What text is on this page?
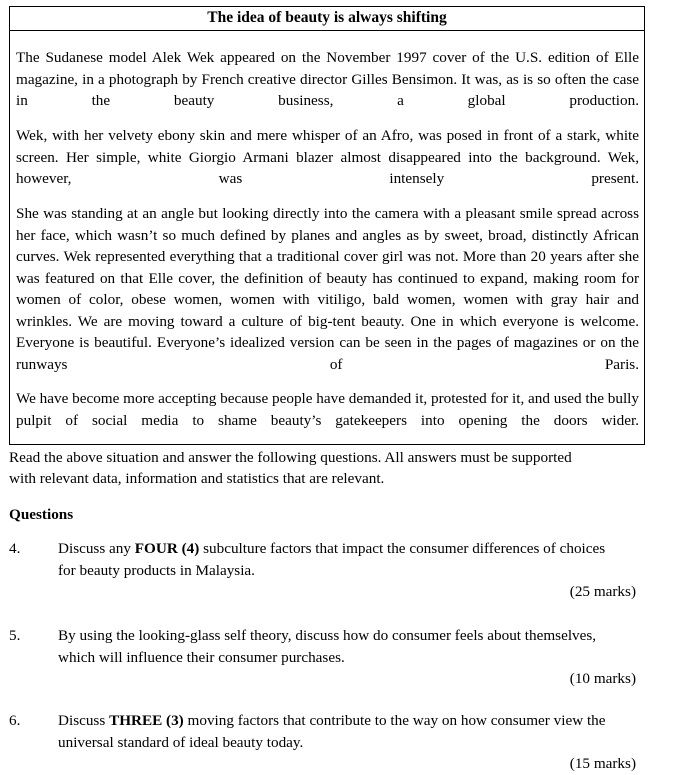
The idea of beauty is always shifting
The Sudanese model Alek Wek appeared on the November 1997 cover of the U.S. edition of Elle magazine, in a photograph by French creative director Gilles Bensimon. It was, as is so often the case in the beauty business, a global production.
Wek, with her velvety ebony skin and mere whisper of an Afro, was posed in front of a stark, white screen. Her simple, white Giorgio Armani blazer almost disappeared into the background. Wek, however, was intensely present.
She was standing at an angle but looking directly into the camera with a pleasant smile spread across her face, which wasn’t so much defined by planes and angles as by sweet, broad, distinctly African curves. Wek represented everything that a traditional cover girl was not. More than 20 years after she was featured on that Elle cover, the definition of beauty has continued to expand, making room for women of color, obese women, women with vitiligo, bald women, women with gray hair and wrinkles. We are moving toward a culture of big-tent beauty. One in which everyone is welcome. Everyone is beautiful. Everyone’s idealized version can be seen in the pages of magazines or on the runways of Paris.
We have become more accepting because people have demanded it, protested for it, and used the bully pulpit of social media to shame beauty’s gatekeepers into opening the doors wider.
Read the above situation and answer the following questions. All answers must be supported
with relevant data, information and statistics that are relevant.
Questions
4. Discuss any FOUR (4) subculture factors that impact the consumer differences of choices
for beauty products in Malaysia.
(25 marks)
5. By using the looking-glass self theory, discuss how do consumer feels about themselves,
which will influence their consumer purchases.
(10 marks)
6. Discuss THREE (3) moving factors that contribute to the way on how consumer view the
universal standard of ideal beauty today.
(15 marks)
